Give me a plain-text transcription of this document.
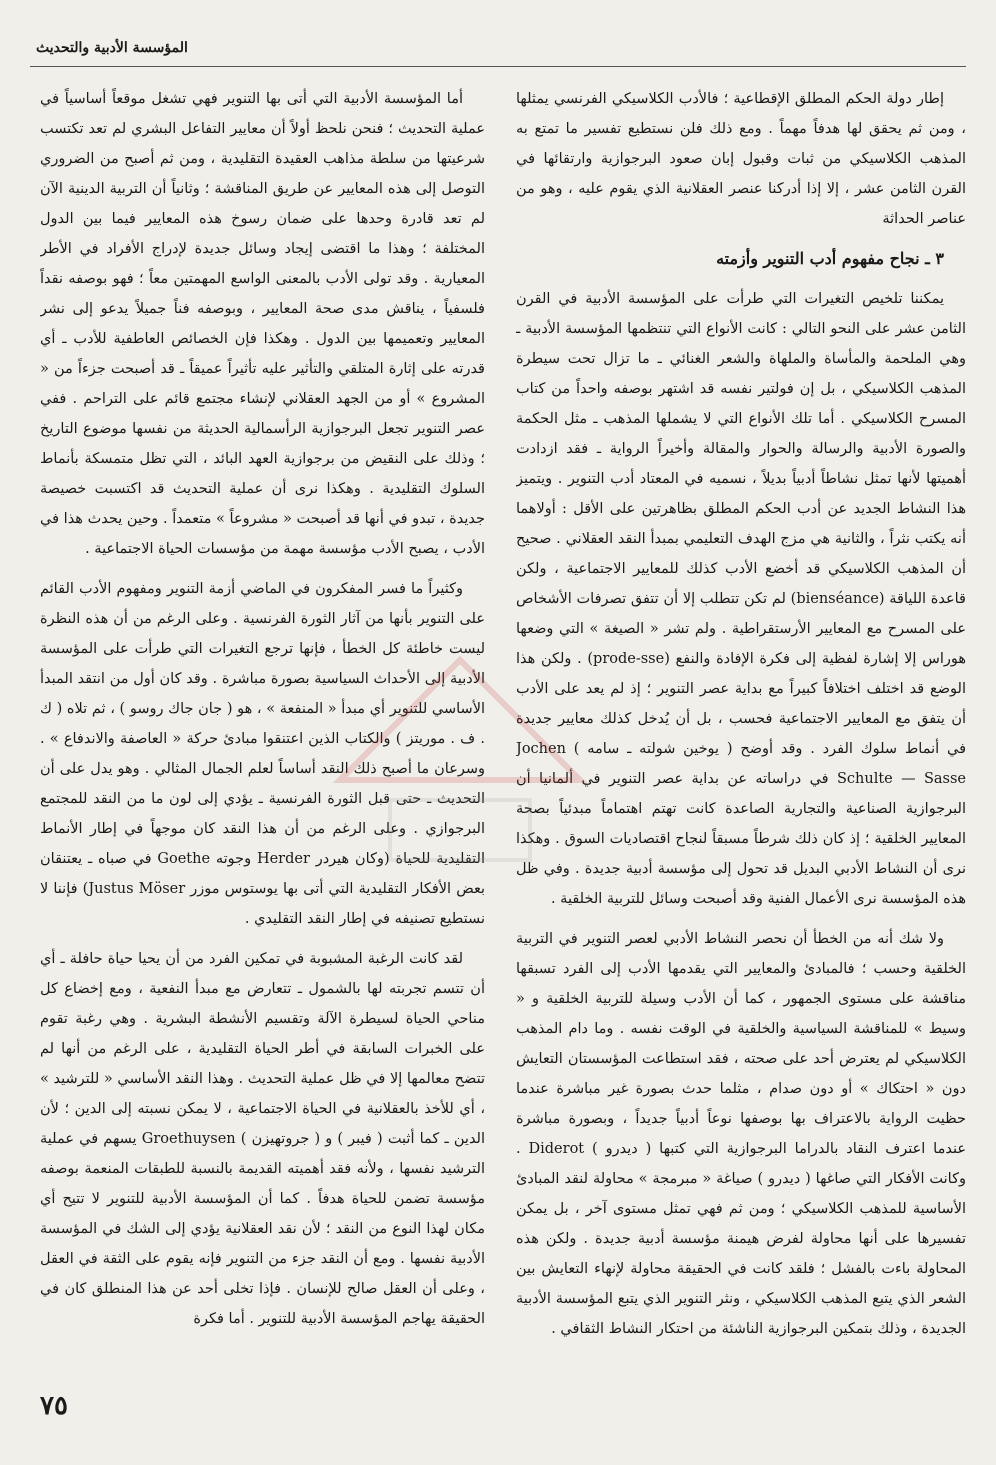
المؤسسة الأدبية والتحديث

إطار دولة الحكم المطلق الإقطاعية ؛ فالأدب الكلاسيكي الفرنسي يمثلها ، ومن ثم يحقق لها هدفاً مهماً . ومع ذلك فلن نستطيع تفسير ما تمتع به المذهب الكلاسيكي من ثبات وقبول إبان صعود البرجوازية وارتقائها في القرن الثامن عشر ، إلا إذا أدركنا عنصر العقلانية الذي يقوم عليه ، وهو من عناصر الحداثة

٣ ـ نجاح مفهوم أدب التنوير وأزمته

يمكننا تلخيص التغيرات التي طرأت على المؤسسة الأدبية في القرن الثامن عشر على النحو التالي : كانت الأنواع التي تنتظمها المؤسسة الأدبية ـ وهي الملحمة والمأساة والملهاة والشعر الغنائي ـ ما تزال تحت سيطرة المذهب الكلاسيكي ، بل إن فولتير نفسه قد اشتهر بوصفه واحداً من كتاب المسرح الكلاسيكي . أما تلك الأنواع التي لا يشملها المذهب ـ مثل الحكمة والصورة الأدبية والرسالة والحوار والمقالة وأخيراً الرواية ـ فقد ازدادت أهميتها لأنها تمثل نشاطاً أدبياً بديلاً ، نسميه في المعتاد أدب التنوير . ويتميز هذا النشاط الجديد عن أدب الحكم المطلق بظاهرتين على الأقل : أولاهما أنه يكتب نثراً ، والثانية هي مزج الهدف التعليمي بمبدأ النقد العقلاني . صحيح أن المذهب الكلاسيكي قد أخضع الأدب كذلك للمعايير الاجتماعية ، ولكن قاعدة اللياقة (bienséance) لم تكن تتطلب إلا أن تتفق تصرفات الأشخاص على المسرح مع المعايير الأرستقراطية . ولم تشر « الصيغة » التي وضعها هوراس إلا إشارة لفظية إلى فكرة الإفادة والنفع (prode-sse) . ولكن هذا الوضع قد اختلف اختلافاً كبيراً مع بداية عصر التنوير ؛ إذ لم يعد على الأدب أن يتفق مع المعايير الاجتماعية فحسب ، بل أن يُدخل كذلك معايير جديدة في أنماط سلوك الفرد . وقد أوضح ( يوخين شولته ـ سامه ) Jochen Schulte — Sasse في دراساته عن بداية عصر التنوير في ألمانيا أن البرجوازية الصناعية والتجارية الصاعدة كانت تهتم اهتماماً مبدئياً بصحة المعايير الخلقية ؛ إذ كان ذلك شرطاً مسبقاً لنجاح اقتصاديات السوق . وهكذا نرى أن النشاط الأدبي البديل قد تحول إلى مؤسسة أدبية جديدة . وفي ظل هذه المؤسسة نرى الأعمال الفنية وقد أصبحت وسائل للتربية الخلقية .

ولا شك أنه من الخطأ أن نحصر النشاط الأدبي لعصر التنوير في التربية الخلقية وحسب ؛ فالمبادئ والمعايير التي يقدمها الأدب إلى الفرد تسبقها مناقشة على مستوى الجمهور ، كما أن الأدب وسيلة للتربية الخلقية و « وسيط » للمناقشة السياسية والخلقية في الوقت نفسه . وما دام المذهب الكلاسيكي لم يعترض أحد على صحته ، فقد استطاعت المؤسستان التعايش دون « احتكاك » أو دون صدام ، مثلما حدث بصورة غير مباشرة عندما حظيت الرواية بالاعتراف بها بوصفها نوعاً أدبياً جديداً ، وبصورة مباشرة عندما اعترف النقاد بالدراما البرجوازية التي كتبها ( ديدرو ) Diderot . وكانت الأفكار التي صاغها ( ديدرو ) صياغة « مبرمجة » محاولة لنقد المبادئ الأساسية للمذهب الكلاسيكي ؛ ومن ثم فهي تمثل مستوى آخر ، بل يمكن تفسيرها على أنها محاولة لفرض هيمنة مؤسسة أدبية جديدة . ولكن هذه المحاولة باءت بالفشل ؛ فلقد كانت في الحقيقة محاولة لإنهاء التعايش بين الشعر الذي يتبع المذهب الكلاسيكي ، ونثر التنوير الذي يتبع المؤسسة الأدبية الجديدة ، وذلك بتمكين البرجوازية الناشئة من احتكار النشاط الثقافي .

أما المؤسسة الأدبية التي أتى بها التنوير فهي تشغل موقعاً أساسياً في عملية التحديث ؛ فنحن نلحظ أولاً أن معايير التفاعل البشري لم تعد تكتسب شرعيتها من سلطة مذاهب العقيدة التقليدية ، ومن ثم أصبح من الضروري التوصل إلى هذه المعايير عن طريق المناقشة ؛ وثانياً أن التربية الدينية الآن لم تعد قادرة وحدها على ضمان رسوخ هذه المعايير فيما بين الدول المختلفة ؛ وهذا ما اقتضى إيجاد وسائل جديدة لإدراج الأفراد في الأطر المعيارية . وقد تولى الأدب بالمعنى الواسع المهمتين معاً ؛ فهو بوصفه نقداً فلسفياً ، يناقش مدى صحة المعايير ، وبوصفه فناً جميلاً يدعو إلى نشر المعايير وتعميمها بين الدول . وهكذا فإن الخصائص العاطفية للأدب ـ أي قدرته على إثارة المتلقي والتأثير عليه تأثيراً عميقاً ـ قد أصبحت جزءاً من « المشروع » أو من الجهد العقلاني لإنشاء مجتمع قائم على التراحم . ففي عصر التنوير تجعل البرجوازية الرأسمالية الحديثة من نفسها موضوع التاريخ ؛ وذلك على النقيض من برجوازية العهد البائد ، التي تظل متمسكة بأنماط السلوك التقليدية . وهكذا نرى أن عملية التحديث قد اكتسبت خصيصة جديدة ، تبدو في أنها قد أصبحت « مشروعاً » متعمداً . وحين يحدث هذا في الأدب ، يصبح الأدب مؤسسة مهمة من مؤسسات الحياة الاجتماعية .

وكثيراً ما فسر المفكرون في الماضي أزمة التنوير ومفهوم الأدب القائم على التنوير بأنها من آثار الثورة الفرنسية . وعلى الرغم من أن هذه النظرة ليست خاطئة كل الخطأ ، فإنها ترجع التغيرات التي طرأت على المؤسسة الأدبية إلى الأحداث السياسية بصورة مباشرة . وقد كان أول من انتقد المبدأ الأساسي للتنوير أي مبدأ « المنفعة » ، هو ( جان جاك روسو ) ، ثم تلاه ( ك . ف . موريتز ) والكتاب الذين اعتنقوا مبادئ حركة « العاصفة والاندفاع » . وسرعان ما أصبح ذلك النقد أساساً لعلم الجمال المثالي . وهو يدل على أن التحديث ـ حتى قبل الثورة الفرنسية ـ يؤدي إلى لون ما من النقد للمجتمع البرجوازي . وعلى الرغم من أن هذا النقد كان موجهاً في إطار الأنماط التقليدية للحياة (وكان هيردر Herder وجوته Goethe في صباه ـ يعتنقان بعض الأفكار التقليدية التي أتى بها يوستوس موزر Justus Möser) فإننا لا نستطيع تصنيفه في إطار النقد التقليدي .

لقد كانت الرغبة المشبوبة في تمكين الفرد من أن يحيا حياة حافلة ـ أي أن تتسم تجربته لها بالشمول ـ تتعارض مع مبدأ النفعية ، ومع إخضاع كل مناحي الحياة لسيطرة الآلة وتقسيم الأنشطة البشرية . وهي رغبة تقوم على الخبرات السابقة في أطر الحياة التقليدية ، على الرغم من أنها لم تتضح معالمها إلا في ظل عملية التحديث . وهذا النقد الأساسي « للترشيد » ، أي للأخذ بالعقلانية في الحياة الاجتماعية ، لا يمكن نسبته إلى الدين ؛ لأن الدين ـ كما أثبت ( فيبر ) و ( جروتهيزن ) Groethuysen يسهم في عملية الترشيد نفسها ، ولأنه فقد أهميته القديمة بالنسبة للطبقات المنعمة بوصفه مؤسسة تضمن للحياة هدفاً . كما أن المؤسسة الأدبية للتنوير لا تتيح أي مكان لهذا النوع من النقد ؛ لأن نقد العقلانية يؤدي إلى الشك في المؤسسة الأدبية نفسها . ومع أن النقد جزء من التنوير فإنه يقوم على الثقة في العقل ، وعلى أن العقل صالح للإنسان . فإذا تخلى أحد عن هذا المنطلق كان في الحقيقة يهاجم المؤسسة الأدبية للتنوير . أما فكرة

٧٥
